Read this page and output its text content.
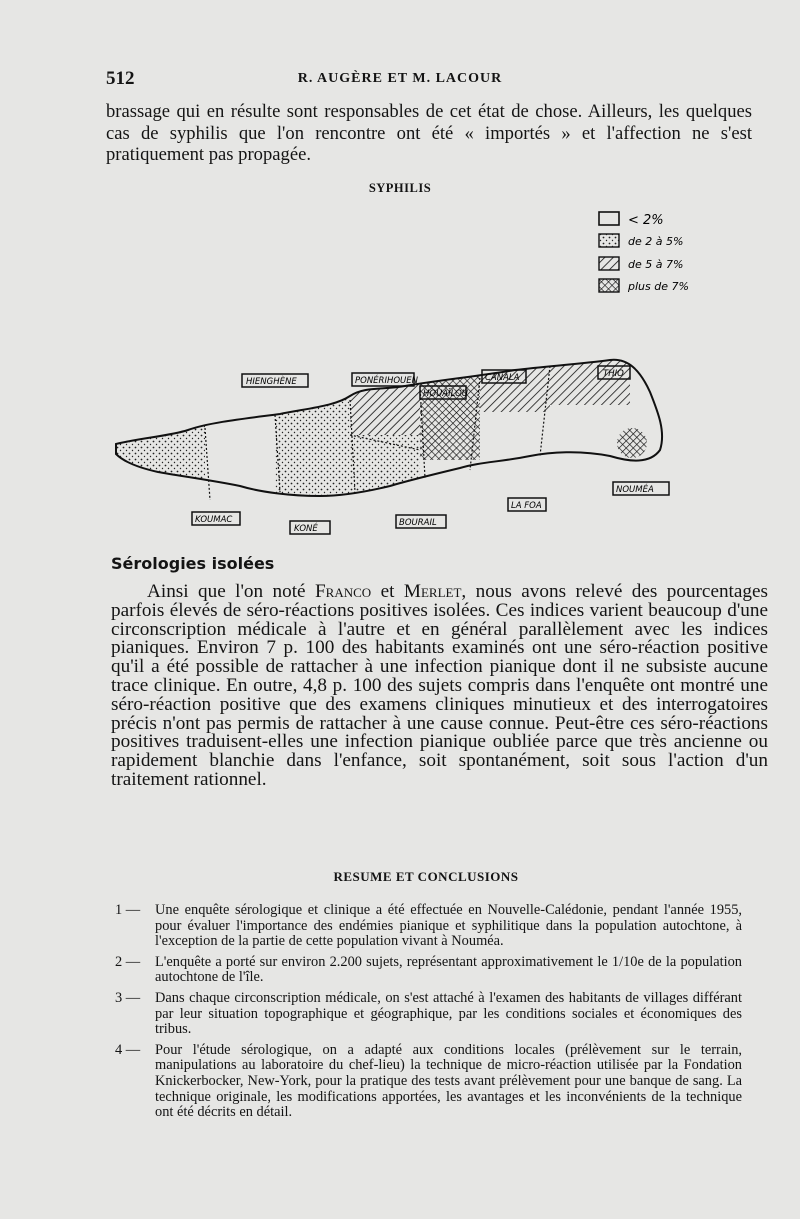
512	R. AUGÈRE ET M. LACOUR

brassage qui en résulte sont responsables de cet état de chose. Ailleurs, les quelques cas de syphilis que l'on rencontre ont été « importés » et l'affection ne s'est pratiquement pas propagée.

SYPHILIS
< 2%
de 2 à 5%
de 5 à 7%
plus de 7%
HIENGHÈNE	PONÉRIHOUEN
HOUAÏLOU
CANALA	THIO
KOUMAC
KONÉ
BOURAIL
LA FOA
NOUMÉA
Sérologies isolées

Ainsi que l'on noté Franco et Merlet, nous avons relevé des pourcentages parfois élevés de séro-réactions positives isolées. Ces indices varient beaucoup d'une circonscription médicale à l'autre et en général parallèlement avec les indices pianiques. Environ 7 p. 100 des habitants examinés ont une séro-réaction positive qu'il a été possible de rattacher à une infection pianique dont il ne subsiste aucune trace clinique. En outre, 4,8 p. 100 des sujets compris dans l'enquête ont montré une séro-réaction positive que des examens cliniques minutieux et des interrogatoires précis n'ont pas permis de rattacher à une cause connue. Peut-être ces séro-réactions positives traduisent-elles une infection pianique oubliée parce que très ancienne ou rapidement blanchie dans l'enfance, soit spontanément, soit sous l'action d'un traitement rationnel.

RESUME ET CONCLUSIONS
1 —	Une enquête sérologique et clinique a été effectuée en Nouvelle-Calédonie, pendant l'année 1955, pour évaluer l'importance des endémies pianique et syphilitique dans la population autochtone, à l'exception de la partie de cette population vivant à Nouméa.
2 —	L'enquête a porté sur environ 2.200 sujets, représentant approximativement le 1/10e de la population autochtone de l'île.
3 —	Dans chaque circonscription médicale, on s'est attaché à l'examen des habitants de villages différant par leur situation topographique et géographique, par les conditions sociales et économiques des tribus.
4 —	Pour l'étude sérologique, on a adapté aux conditions locales (prélèvement sur le terrain, manipulations au laboratoire du chef-lieu) la technique de micro-réaction utilisée par la Fondation Knickerbocker, New-York, pour la pratique des tests avant prélèvement pour une banque de sang. La technique originale, les modifications apportées, les avantages et les inconvénients de la technique ont été décrits en détail.
